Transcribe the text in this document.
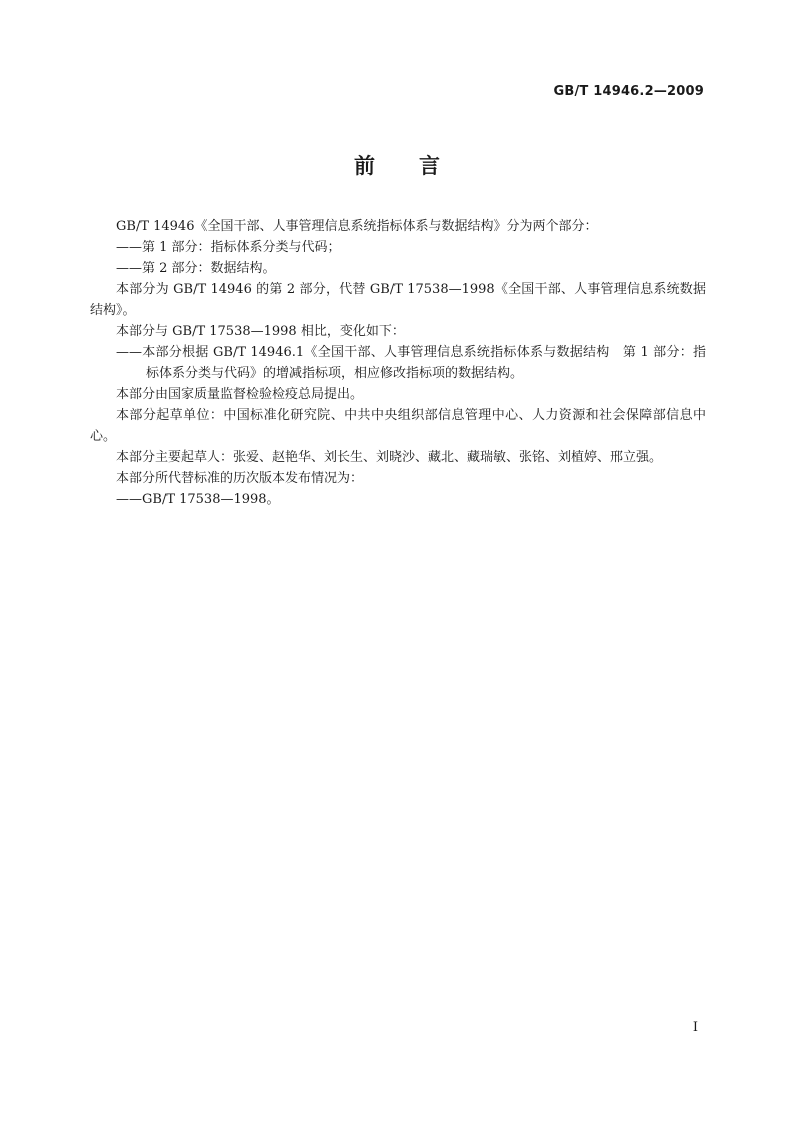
GB/T 14946.2—2009
前 言

GB/T 14946《全国干部、人事管理信息系统指标体系与数据结构》分为两个部分：

——第 1 部分：指标体系分类与代码；

——第 2 部分：数据结构。

本部分为 GB/T 14946 的第 2 部分，代替 GB/T 17538—1998《全国干部、人事管理信息系统数据结构》。

本部分与 GB/T 17538—1998 相比，变化如下：

——本部分根据 GB/T 14946.1《全国干部、人事管理信息系统指标体系与数据结构　第 1 部分：指标体系分类与代码》的增减指标项，相应修改指标项的数据结构。

本部分由国家质量监督检验检疫总局提出。

本部分起草单位：中国标准化研究院、中共中央组织部信息管理中心、人力资源和社会保障部信息中心。

本部分主要起草人：张爱、赵艳华、刘长生、刘晓沙、藏北、藏瑞敏、张铭、刘植婷、邢立强。

本部分所代替标准的历次版本发布情况为：

——GB/T 17538—1998。

I
